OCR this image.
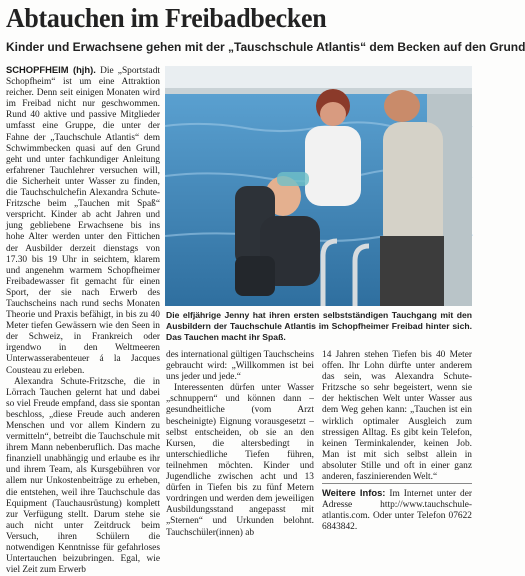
Abtauchen im Freibadbecken
Kinder und Erwachsene gehen mit der „Tauschschule Atlantis“ dem Becken auf den Grund

SCHOPFHEIM (hjh). Die „Sportstadt Schopfheim“ ist um eine Attraktion reicher. Denn seit einigen Monaten wird im Freibad nicht nur geschwommen. Rund 40 aktive und passive Mitglieder umfasst eine Gruppe, die unter der Fahne der „Tauchschule Atlantis“ dem Schwimmbecken quasi auf den Grund geht und unter fachkundiger Anleitung erfahrener Tauchlehrer versuchen will, die Sicherheit unter Wasser zu finden, die Tauchschulchefin Alexandra Schute-Fritzsche beim „Tauchen mit Spaß“ verspricht. Kinder ab acht Jahren und jung gebliebene Erwachsene bis ins hohe Alter werden unter den Fittichen der Ausbilder derzeit dienstags von 17.30 bis 19 Uhr in seichtem, klarem und angenehm warmem Schopfheimer Freibadewasser fit gemacht für einen Sport, der sie nach Erwerb des Tauchscheins nach rund sechs Monaten Theorie und Praxis befähigt, in bis zu 40 Meter tiefen Gewässern wie den Seen in der Schweiz, in Frankreich oder irgendwo in den Weltmeeren Unterwasserabenteuer á la Jacques Cousteau zu erleben.

Alexandra Schute-Fritzsche, die in Lörrach Tauchen gelernt hat und dabei so viel Freude empfand, dass sie spontan beschloss, „diese Freude auch anderen Menschen und vor allem Kindern zu vermitteln“, betreibt die Tauchschule mit ihrem Mann nebenberuflich. Das mache finanziell unabhängig und erlaube es ihr und ihrem Team, als Kursgebühren vor allem nur Unkostenbeiträge zu erheben, die entstehen, weil ihre Tauchschule das Equipment (Tauchausrüstung) komplett zur Verfügung stellt. Darum stehe sie auch nicht unter Zeitdruck beim Versuch, ihren Schülern die notwendigen Kenntnisse für gefahrloses Untertauchen beizubringen. Egal, wie viel Zeit zum Erwerb

Die elfjährige Jenny hat ihren ersten selbstständigen Tauchgang mit den Ausbildern der Tauchschule Atlantis im Schopfheimer Freibad hinter sich. Das Tauchen macht ihr Spaß.

des international gültigen Tauchscheins gebraucht wird: „Willkommen ist bei uns jeder und jede.“

Interessenten dürfen unter Wasser „schnuppern“ und können dann – gesundheitliche (vom Arzt bescheinigte) Eignung vorausgesetzt – selbst entscheiden, ob sie an den Kursen, die altersbedingt in unterschiedliche Tiefen führen, teilnehmen möchten. Kinder und Jugendliche zwischen acht und 13 dürfen in Tiefen bis zu fünf Metern vordringen und werden dem jeweiligen Ausbildungsstand angepasst mit „Sternen“ und Urkunden belohnt. Tauchschüler(innen) ab

14 Jahren stehen Tiefen bis 40 Meter offen. Ihr Lohn dürfte unter anderem das sein, was Alexandra Schute-Fritzsche so sehr begeistert, wenn sie der hektischen Welt unter Wasser aus dem Weg gehen kann: „Tauchen ist ein wirklich optimaler Ausgleich zum stressigen Alltag. Es gibt kein Telefon, keinen Terminkalender, keinen Job. Man ist mit sich selbst allein in absoluter Stille und oft in einer ganz anderen, faszinierenden Welt.“

Weitere Infos: Im Internet unter der Adresse http://www.tauchschule-atlantis.com. Oder unter Telefon 07622 6843842.
